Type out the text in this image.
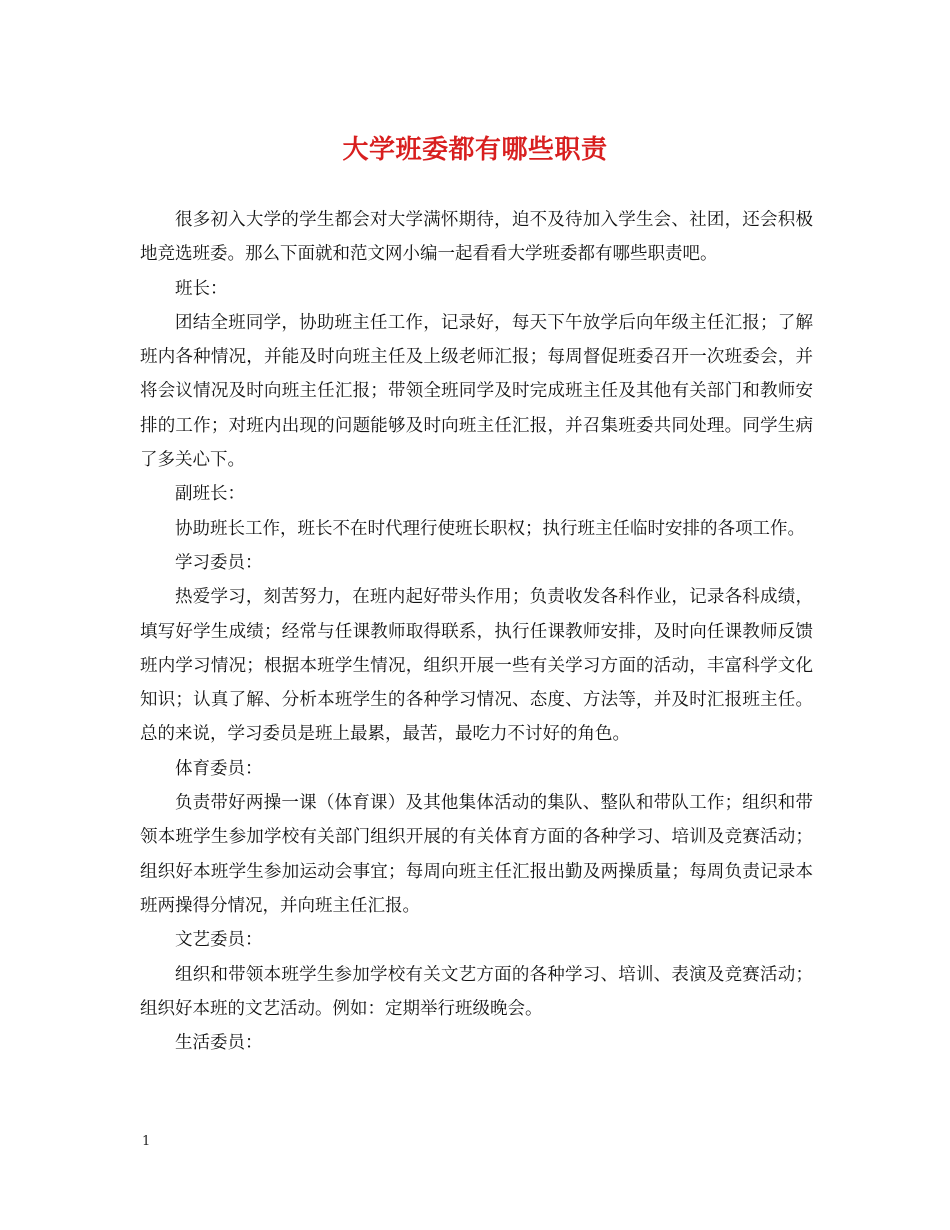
大学班委都有哪些职责

很多初入大学的学生都会对大学满怀期待，迫不及待加入学生会、社团，还会积极地竞选班委。那么下面就和范文网小编一起看看大学班委都有哪些职责吧。

班长：

团结全班同学，协助班主任工作，记录好，每天下午放学后向年级主任汇报；了解班内各种情况，并能及时向班主任及上级老师汇报；每周督促班委召开一次班委会，并将会议情况及时向班主任汇报；带领全班同学及时完成班主任及其他有关部门和教师安排的工作；对班内出现的问题能够及时向班主任汇报，并召集班委共同处理。同学生病了多关心下。

副班长：

协助班长工作，班长不在时代理行使班长职权；执行班主任临时安排的各项工作。

学习委员：

热爱学习，刻苦努力，在班内起好带头作用；负责收发各科作业，记录各科成绩，填写好学生成绩；经常与任课教师取得联系，执行任课教师安排，及时向任课教师反馈班内学习情况；根据本班学生情况，组织开展一些有关学习方面的活动，丰富科学文化知识；认真了解、分析本班学生的各种学习情况、态度、方法等，并及时汇报班主任。总的来说，学习委员是班上最累，最苦，最吃力不讨好的角色。

体育委员：

负责带好两操一课（体育课）及其他集体活动的集队、整队和带队工作；组织和带领本班学生参加学校有关部门组织开展的有关体育方面的各种学习、培训及竞赛活动；组织好本班学生参加运动会事宜；每周向班主任汇报出勤及两操质量；每周负责记录本班两操得分情况，并向班主任汇报。

文艺委员：

组织和带领本班学生参加学校有关文艺方面的各种学习、培训、表演及竞赛活动；组织好本班的文艺活动。例如：定期举行班级晚会。

生活委员：

1
